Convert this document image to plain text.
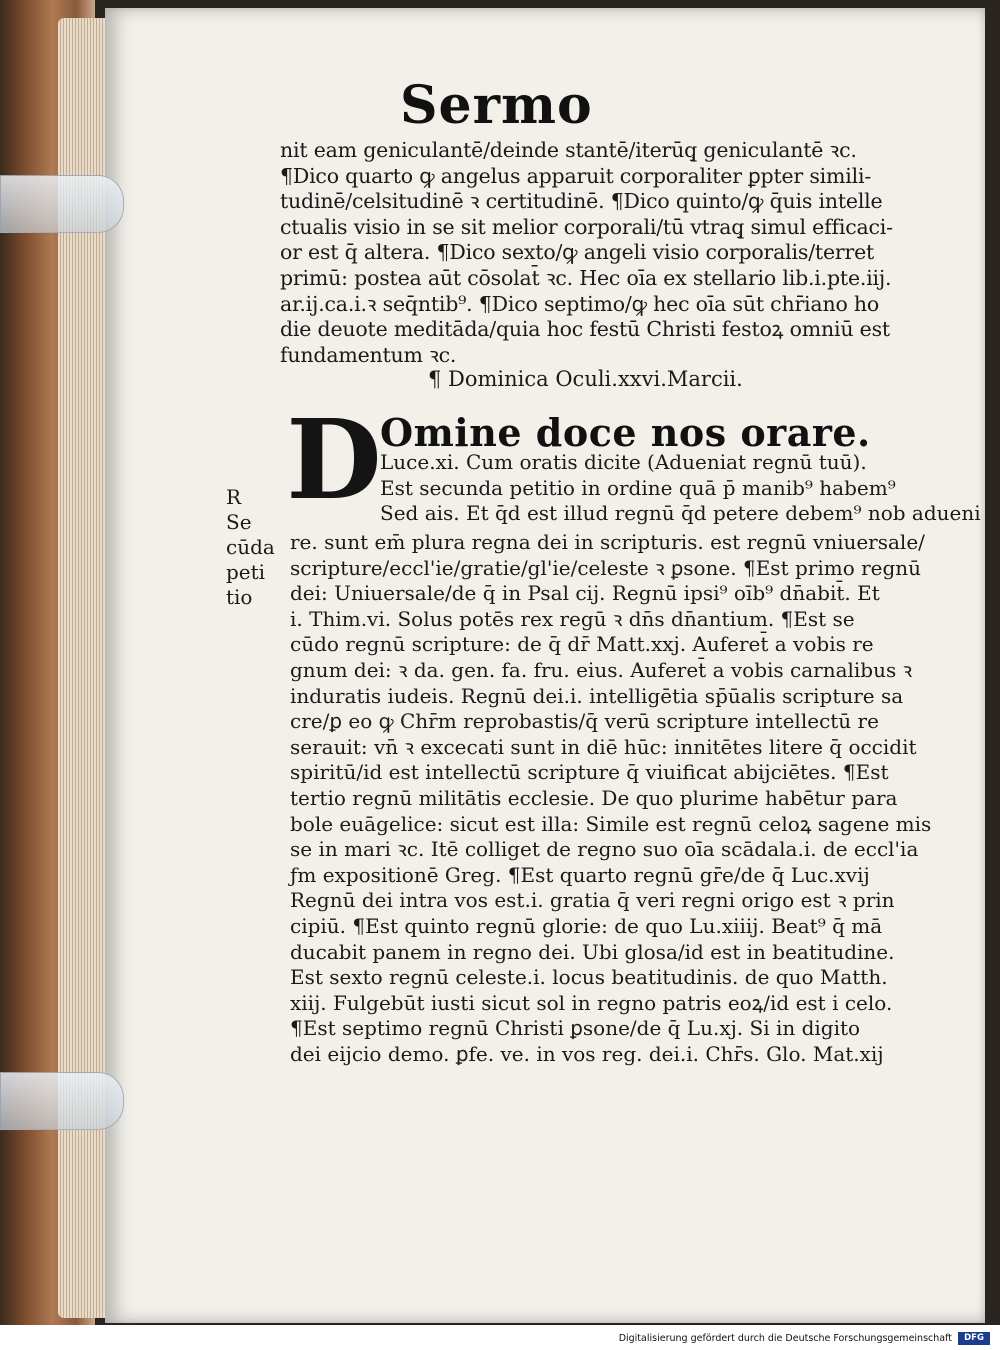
Sermo
nit eam geniculantē/deinde stantē/iterūq̧ geniculantē ꝛc.
¶Dico quarto ꝙ angelus apparuit corporaliter ꝑpter simili-
tudinē/celsitudinē ꝛ certitudinē. ¶Dico quinto/ꝙ q̄uis intelle
ctualis visio in se sit melior corporali/tū vtraq̧ simul efficaci-
or est q̄ altera. ¶Dico sexto/ꝙ angeli visio corporalis/terret
primū: postea aūt cōsolat̄ ꝛc. Hec oīa ex stellario lib.i.pte.iij.
ar.ij.ca.i.ꝛ seq̄ntib⁹. ¶Dico septimo/ꝙ hec oīa sūt chr̄iano ho
die deuote meditāda/quia hoc festū Christi festoꝝ omniū est
fundamentum ꝛc.
¶ Dominica Oculi.xxvi.Marcii.
D
Omine doce nos orare.
Luce.xi. Cum oratis dicite (Adueniat regnū tuū).
Est secunda petitio in ordine quā p̄ manib⁹ habem⁹
Sed ais. Et q̄d est illud regnū q̄d petere debem⁹ nob adueni
R
Se
cūda
peti
tio
re. sunt em̄ plura regna dei in scripturis. est regnū vniuersale/
scripture/eccl'ie/gratie/gl'ie/celeste ꝛ ꝑsone. ¶Est primo regnū
dei: Uniuersale/de q̄ in Psal cij. Regnū ipsi⁹ oīb⁹ dn̄abit̄. Et
i. Thim.vi. Solus potēs rex regū ꝛ dn̄s dn̄antium. ¶Est se
cūdo regnū scripture: de q̄ dr̄ Matt.xxj. Auferet̄ a vobis re
gnum dei: ꝛ da. gen. fa. fru. eius. Auferet̄ a vobis carnalibus ꝛ
induratis iudeis. Regnū dei.i. intelligētia sp̄ūalis scripture sa
cre/ꝑ eo ꝙ Chr̄m reprobastis/q̄ verū scripture intellectū re
serauit: vn̄ ꝛ excecati sunt in diē hūc: innitētes litere q̄ occidit
spiritū/id est intellectū scripture q̄ viuificat abijciētes. ¶Est
tertio regnū militātis ecclesie. De quo plurime habētur para
bole euāgelice: sicut est illa: Simile est regnū celoꝝ sagene mis
se in mari ꝛc. Itē colliget de regno suo oīa scādala.i. de eccl'ia
ƒm expositionē Greg. ¶Est quarto regnū gr̄e/de q̄ Luc.xvij
Regnū dei intra vos est.i. gratia q̄ veri regni origo est ꝛ prin
cipiū. ¶Est quinto regnū glorie: de quo Lu.xiiij. Beat⁹ q̄ mā
ducabit panem in regno dei. Ubi glosa/id est in beatitudine.
Est sexto regnū celeste.i. locus beatitudinis. de quo Matth.
xiij. Fulgebūt iusti sicut sol in regno patris eoꝝ/id est i celo.
¶Est septimo regnū Christi ꝑsone/de q̄ Lu.xj. Si in digito
dei eijcio demo. ꝑfe. ve. in vos reg. dei.i. Chr̄s. Glo. Mat.xij
Digitalisierung gefördert durch die Deutsche Forschungsgemeinschaft	DFG
